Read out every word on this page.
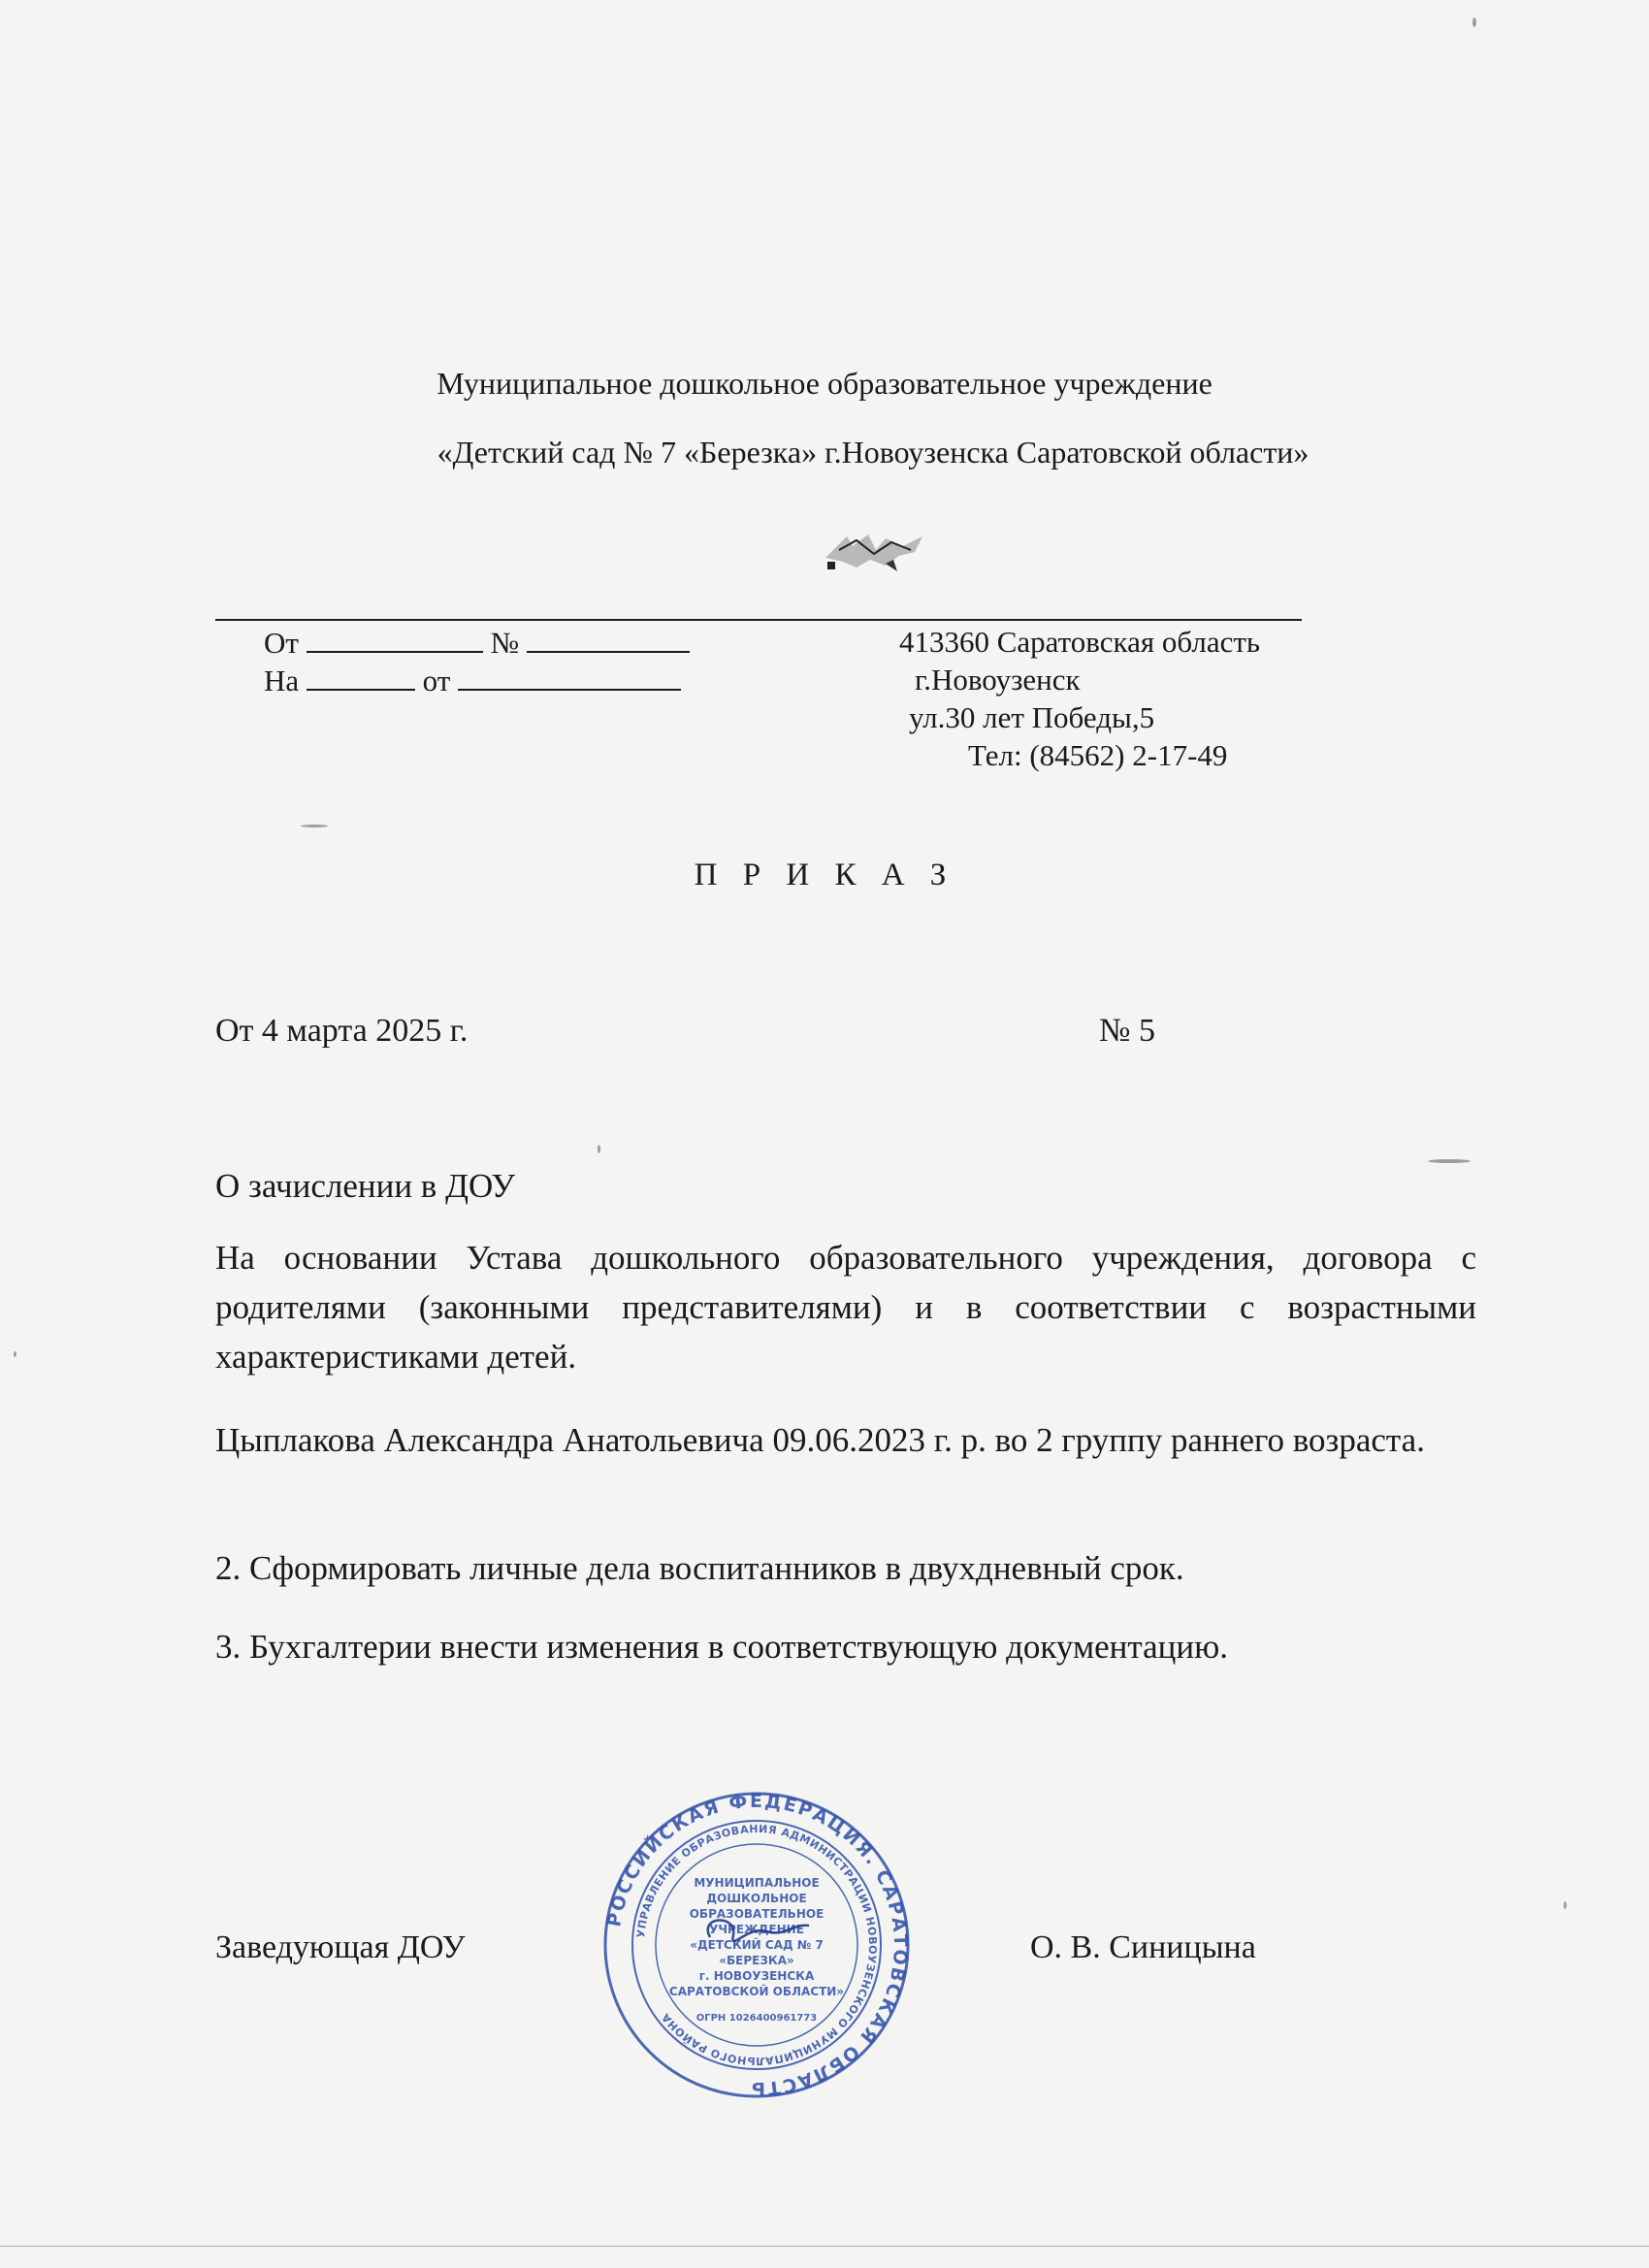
Муниципальное дошкольное образовательное учреждение
«Детский сад № 7 «Березка» г.Новоузенска Саратовской области»
От	№
На	от
413360 Саратовская область
г.Новоузенск
ул.30 лет Победы,5
Тел: (84562) 2-17-49
П Р И К А З
От 4 марта 2025 г.	№ 5
О зачислении в ДОУ
На основании Устава дошкольного образовательного учреждения, договора с родителями (законными представителями) и в соответствии с возрастными характеристиками детей.
Цыплакова Александра Анатольевича 09.06.2023 г. р. во 2 группу раннего возраста.
2. Сформировать личные дела воспитанников в двухдневный срок.
3. Бухгалтерии внести изменения в соответствующую документацию.
Заведующая ДОУ	О. В. Синицына
РОССИЙСКАЯ ФЕДЕРАЦИЯ. САРАТОВСКАЯ ОБЛАСТЬ
УПРАВЛЕНИЕ ОБРАЗОВАНИЯ АДМИНИСТРАЦИИ НОВОУЗЕНСКОГО МУНИЦИПАЛЬНОГО РАЙОНА
МУНИЦИПАЛЬНОЕ
ДОШКОЛЬНОЕ
ОБРАЗОВАТЕЛЬНОЕ
УЧРЕЖДЕНИЕ
«ДЕТСКИЙ САД № 7
«БЕРЕЗКА»
г. НОВОУЗЕНСКА
САРАТОВСКОЙ ОБЛАСТИ»
ОГРН 1026400961773
